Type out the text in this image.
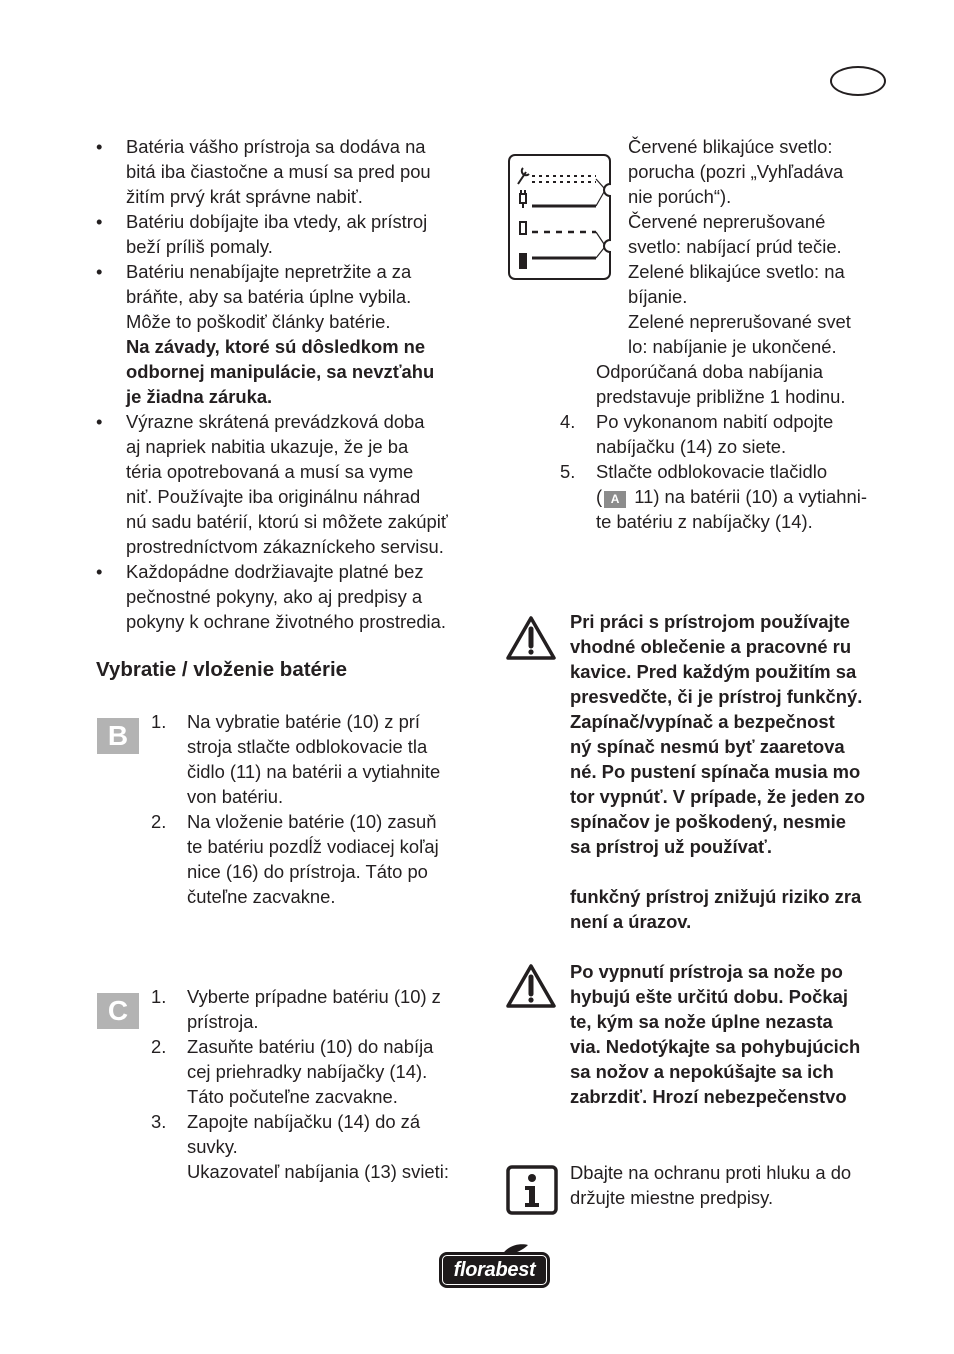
• Batéria vášho prístroja sa dodáva na
bitá iba čiastočne a musí sa pred pou
žitím prvý krát správne nabiť.
• Batériu dobíjajte iba vtedy, ak prístroj
beží príliš pomaly.
• Batériu nenabíjajte nepretržite a za
bráňte, aby sa batéria úplne vybila.
Môže to poškodiť články batérie.
Na závady, ktoré sú dôsledkom ne
odbornej manipulácie, sa nevzťahu
je žiadna záruka.
• Výrazne skrátená prevádzková doba
aj napriek nabitia ukazuje, že je ba
téria opotrebovaná a musí sa vyme
niť. Používajte iba originálnu náhrad
nú sadu batérií, ktorú si môžete zakúpiť
prostredníctvom zákazníckeho servisu.
• Každopádne dodržiavajte platné bez
pečnostné pokyny, ako aj predpisy a
pokyny k ochrane životného prostredia.
Vybratie / vloženie batérie
B	1. Na vybratie batérie (10) z prí
stroja stlačte odblokovacie tla
čidlo (11) na batérii a vytiahnite
von batériu.
2. Na vloženie batérie (10) zasuň
te batériu pozdĺž vodiacej koľaj
nice (16) do prístroja. Táto po
čuteľne zacvakne.
C	1. Vyberte prípadne batériu (10) z
prístroja.
2. Zasuňte batériu (10) do nabíja
cej priehradky nabíjačky (14).
Táto počuteľne zacvakne.
3. Zapojte nabíjačku (14) do zá
suvky.
Ukazovateľ nabíjania (13) svieti:
Červené blikajúce svetlo:
porucha (pozri „Vyhľadáva
nie porúch“).
Červené neprerušované
svetlo: nabíjací prúd tečie.
Zelené blikajúce svetlo: na
bíjanie.
Zelené neprerušované svet
lo: nabíjanie je ukončené.
Odporúčaná doba nabíjania
predstavuje približne 1 hodinu.
4. Po vykonanom nabití odpojte
nabíjačku (14) zo siete.
5. Stlačte odblokovacie tlačidlo
( A 11) na batérii (10) a vytiahni-
te batériu z nabíjačky (14).
Pri práci s prístrojom používajte
vhodné oblečenie a pracovné ru
kavice. Pred každým použitím sa
presvedčte, či je prístroj funkčný.
Zapínač/vypínač a bezpečnost
ný spínač nesmú byť zaaretova
né. Po pustení spínača musia mo
tor vypnúť. V prípade, že jeden zo
spínačov je poškodený, nesmie
sa prístroj už používať.
funkčný prístroj znižujú riziko zra
není a úrazov.
Po vypnutí prístroja sa nože po
hybujú ešte určitú dobu. Počkaj
te, kým sa nože úplne nezasta
via. Nedotýkajte sa pohybujúcich
sa nožov a nepokúšajte sa ich
zabrzdiť. Hrozí nebezpečenstvo
Dbajte na ochranu proti hluku a do
držujte miestne predpisy.
florabest
